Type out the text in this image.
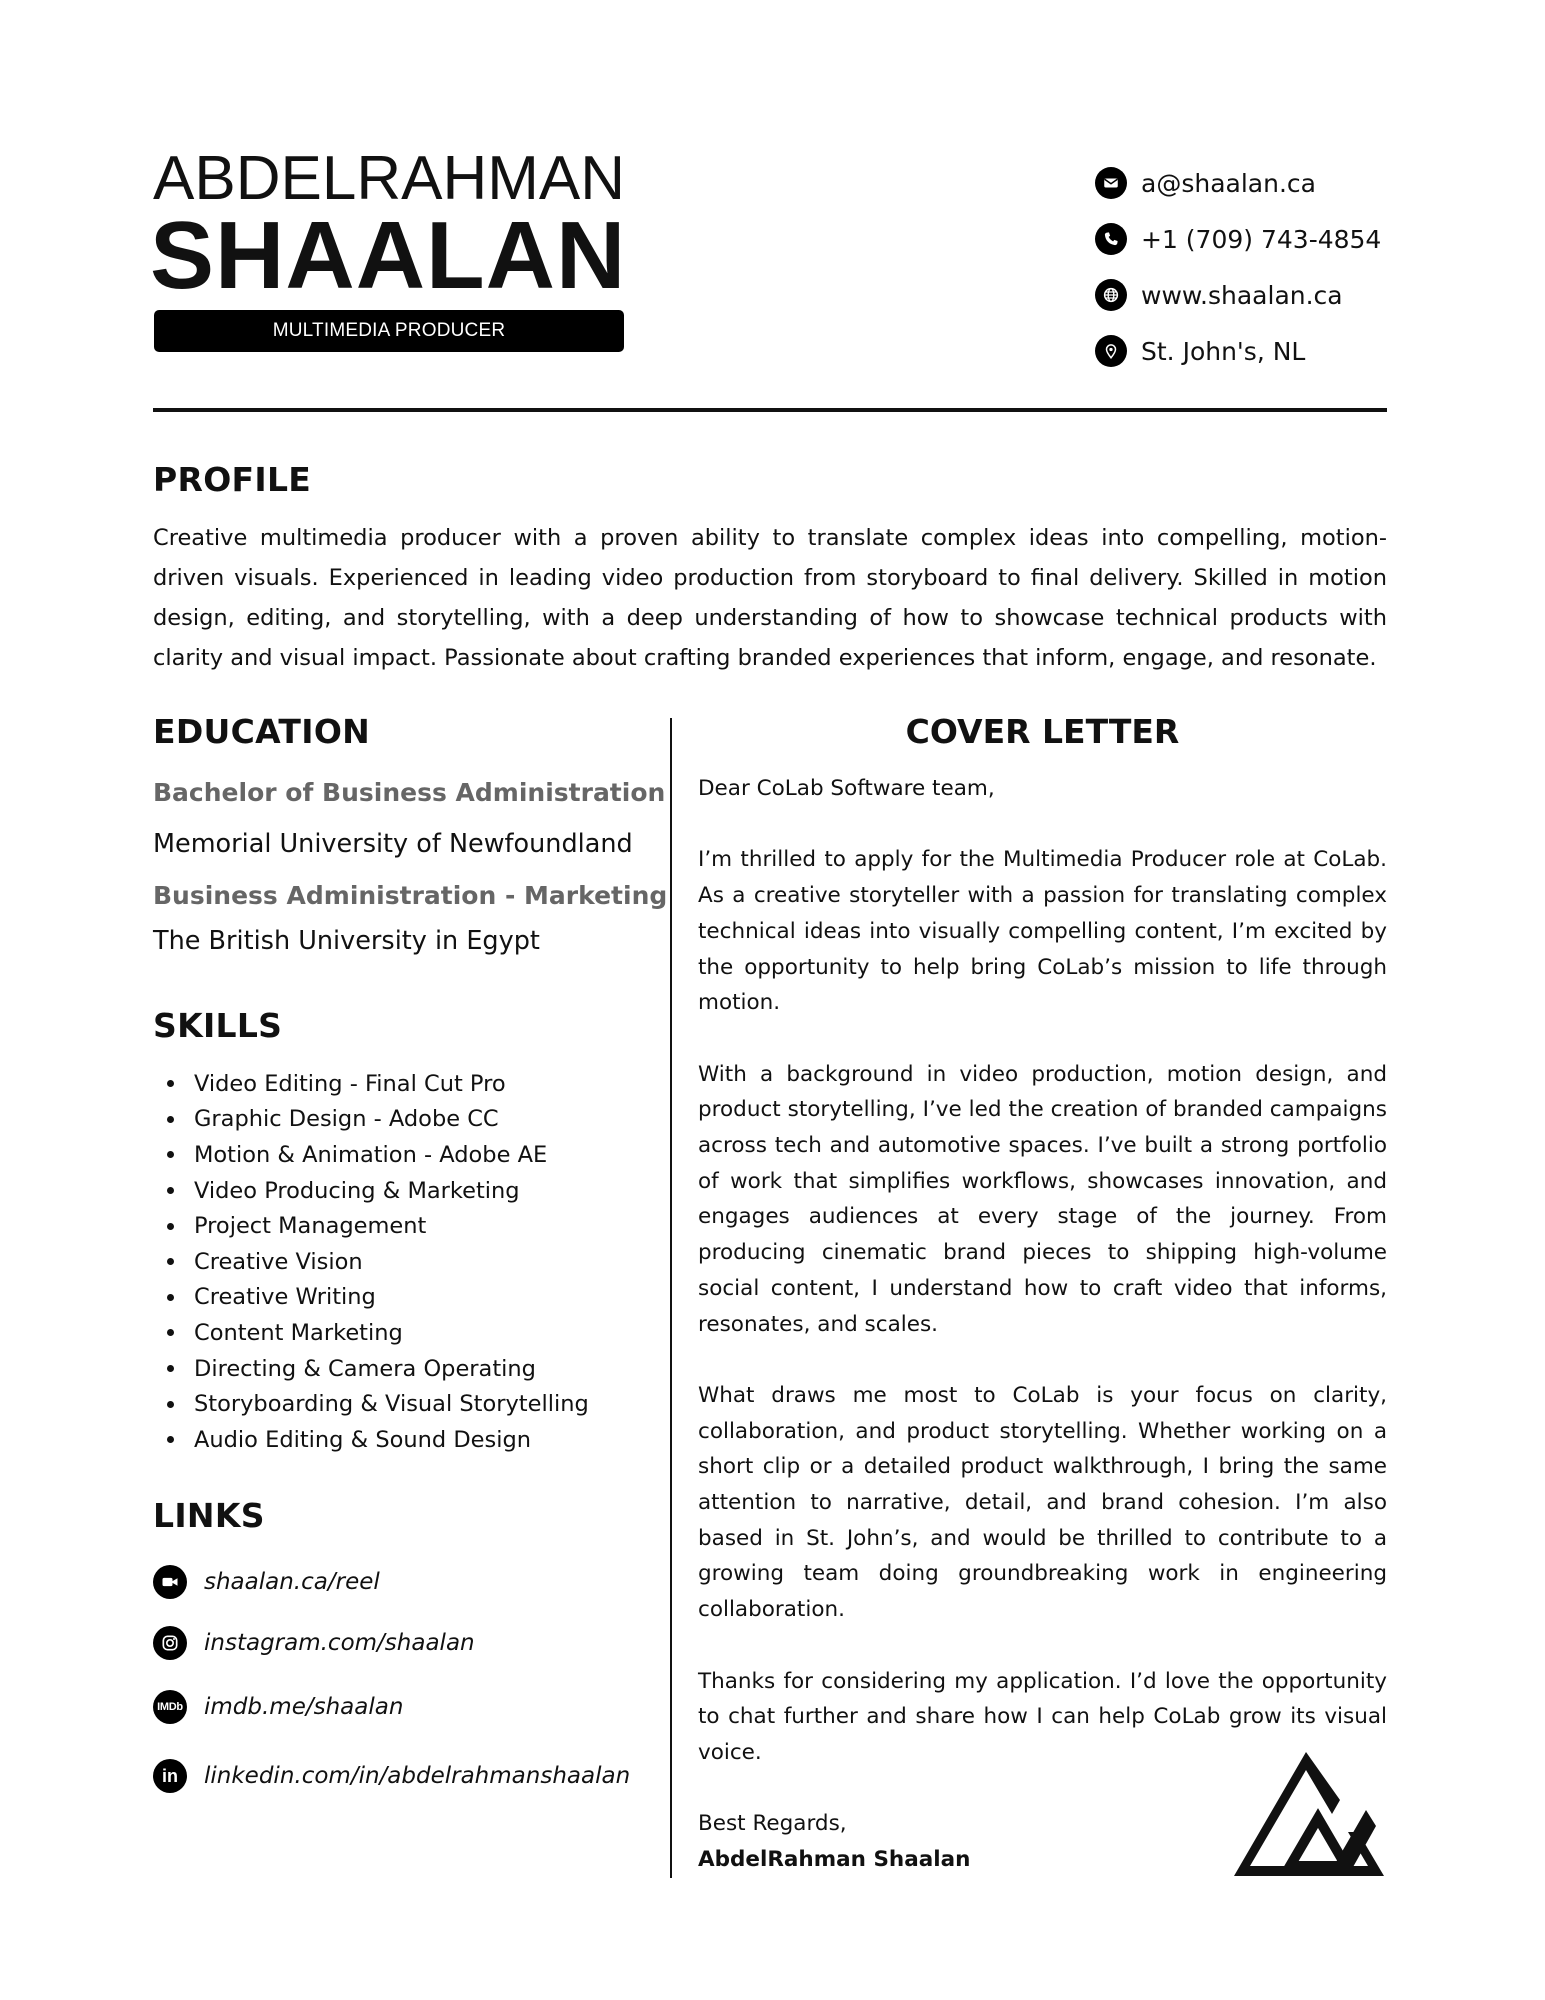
ABDELRAHMAN
SHAALAN
MULTIMEDIA PRODUCER
a@shaalan.ca
+1 (709) 743-4854
www.shaalan.ca
St. John's, NL
PROFILE

Creative multimedia producer with a proven ability to translate complex ideas into compelling, motion-driven visuals. Experienced in leading video production from storyboard to final delivery. Skilled in motion design, editing, and storytelling, with a deep understanding of how to showcase technical products with clarity and visual impact. Passionate about crafting branded experiences that inform, engage, and resonate.

EDUCATION

Bachelor of Business Administration

Memorial University of Newfoundland

Business Administration - Marketing

The British University in Egypt

SKILLS
Video Editing - Final Cut Pro
Graphic Design - Adobe CC
Motion & Animation - Adobe AE
Video Producing & Marketing
Project Management
Creative Vision
Creative Writing
Content Marketing
Directing & Camera Operating
Storyboarding & Visual Storytelling
Audio Editing & Sound Design
LINKS
shaalan.ca/reel
instagram.com/shaalan
IMDb imdb.me/shaalan
in linkedin.com/in/abdelrahmanshaalan
COVER LETTER

Dear CoLab Software team,

I’m thrilled to apply for the Multimedia Producer role at CoLab. As a creative storyteller with a passion for translating complex technical ideas into visually compelling content, I’m excited by the opportunity to help bring CoLab’s mission to life through motion.

With a background in video production, motion design, and product storytelling, I’ve led the creation of branded campaigns across tech and automotive spaces. I’ve built a strong portfolio of work that simplifies workflows, showcases innovation, and engages audiences at every stage of the journey. From producing cinematic brand pieces to shipping high-volume social content, I understand how to craft video that informs, resonates, and scales.

What draws me most to CoLab is your focus on clarity, collaboration, and product storytelling. Whether working on a short clip or a detailed product walkthrough, I bring the same attention to narrative, detail, and brand cohesion. I’m also based in St. John’s, and would be thrilled to contribute to a growing team doing groundbreaking work in engineering collaboration.

Thanks for considering my application. I’d love the opportunity to chat further and share how I can help CoLab grow its visual voice.

Best Regards,

AbdelRahman Shaalan
